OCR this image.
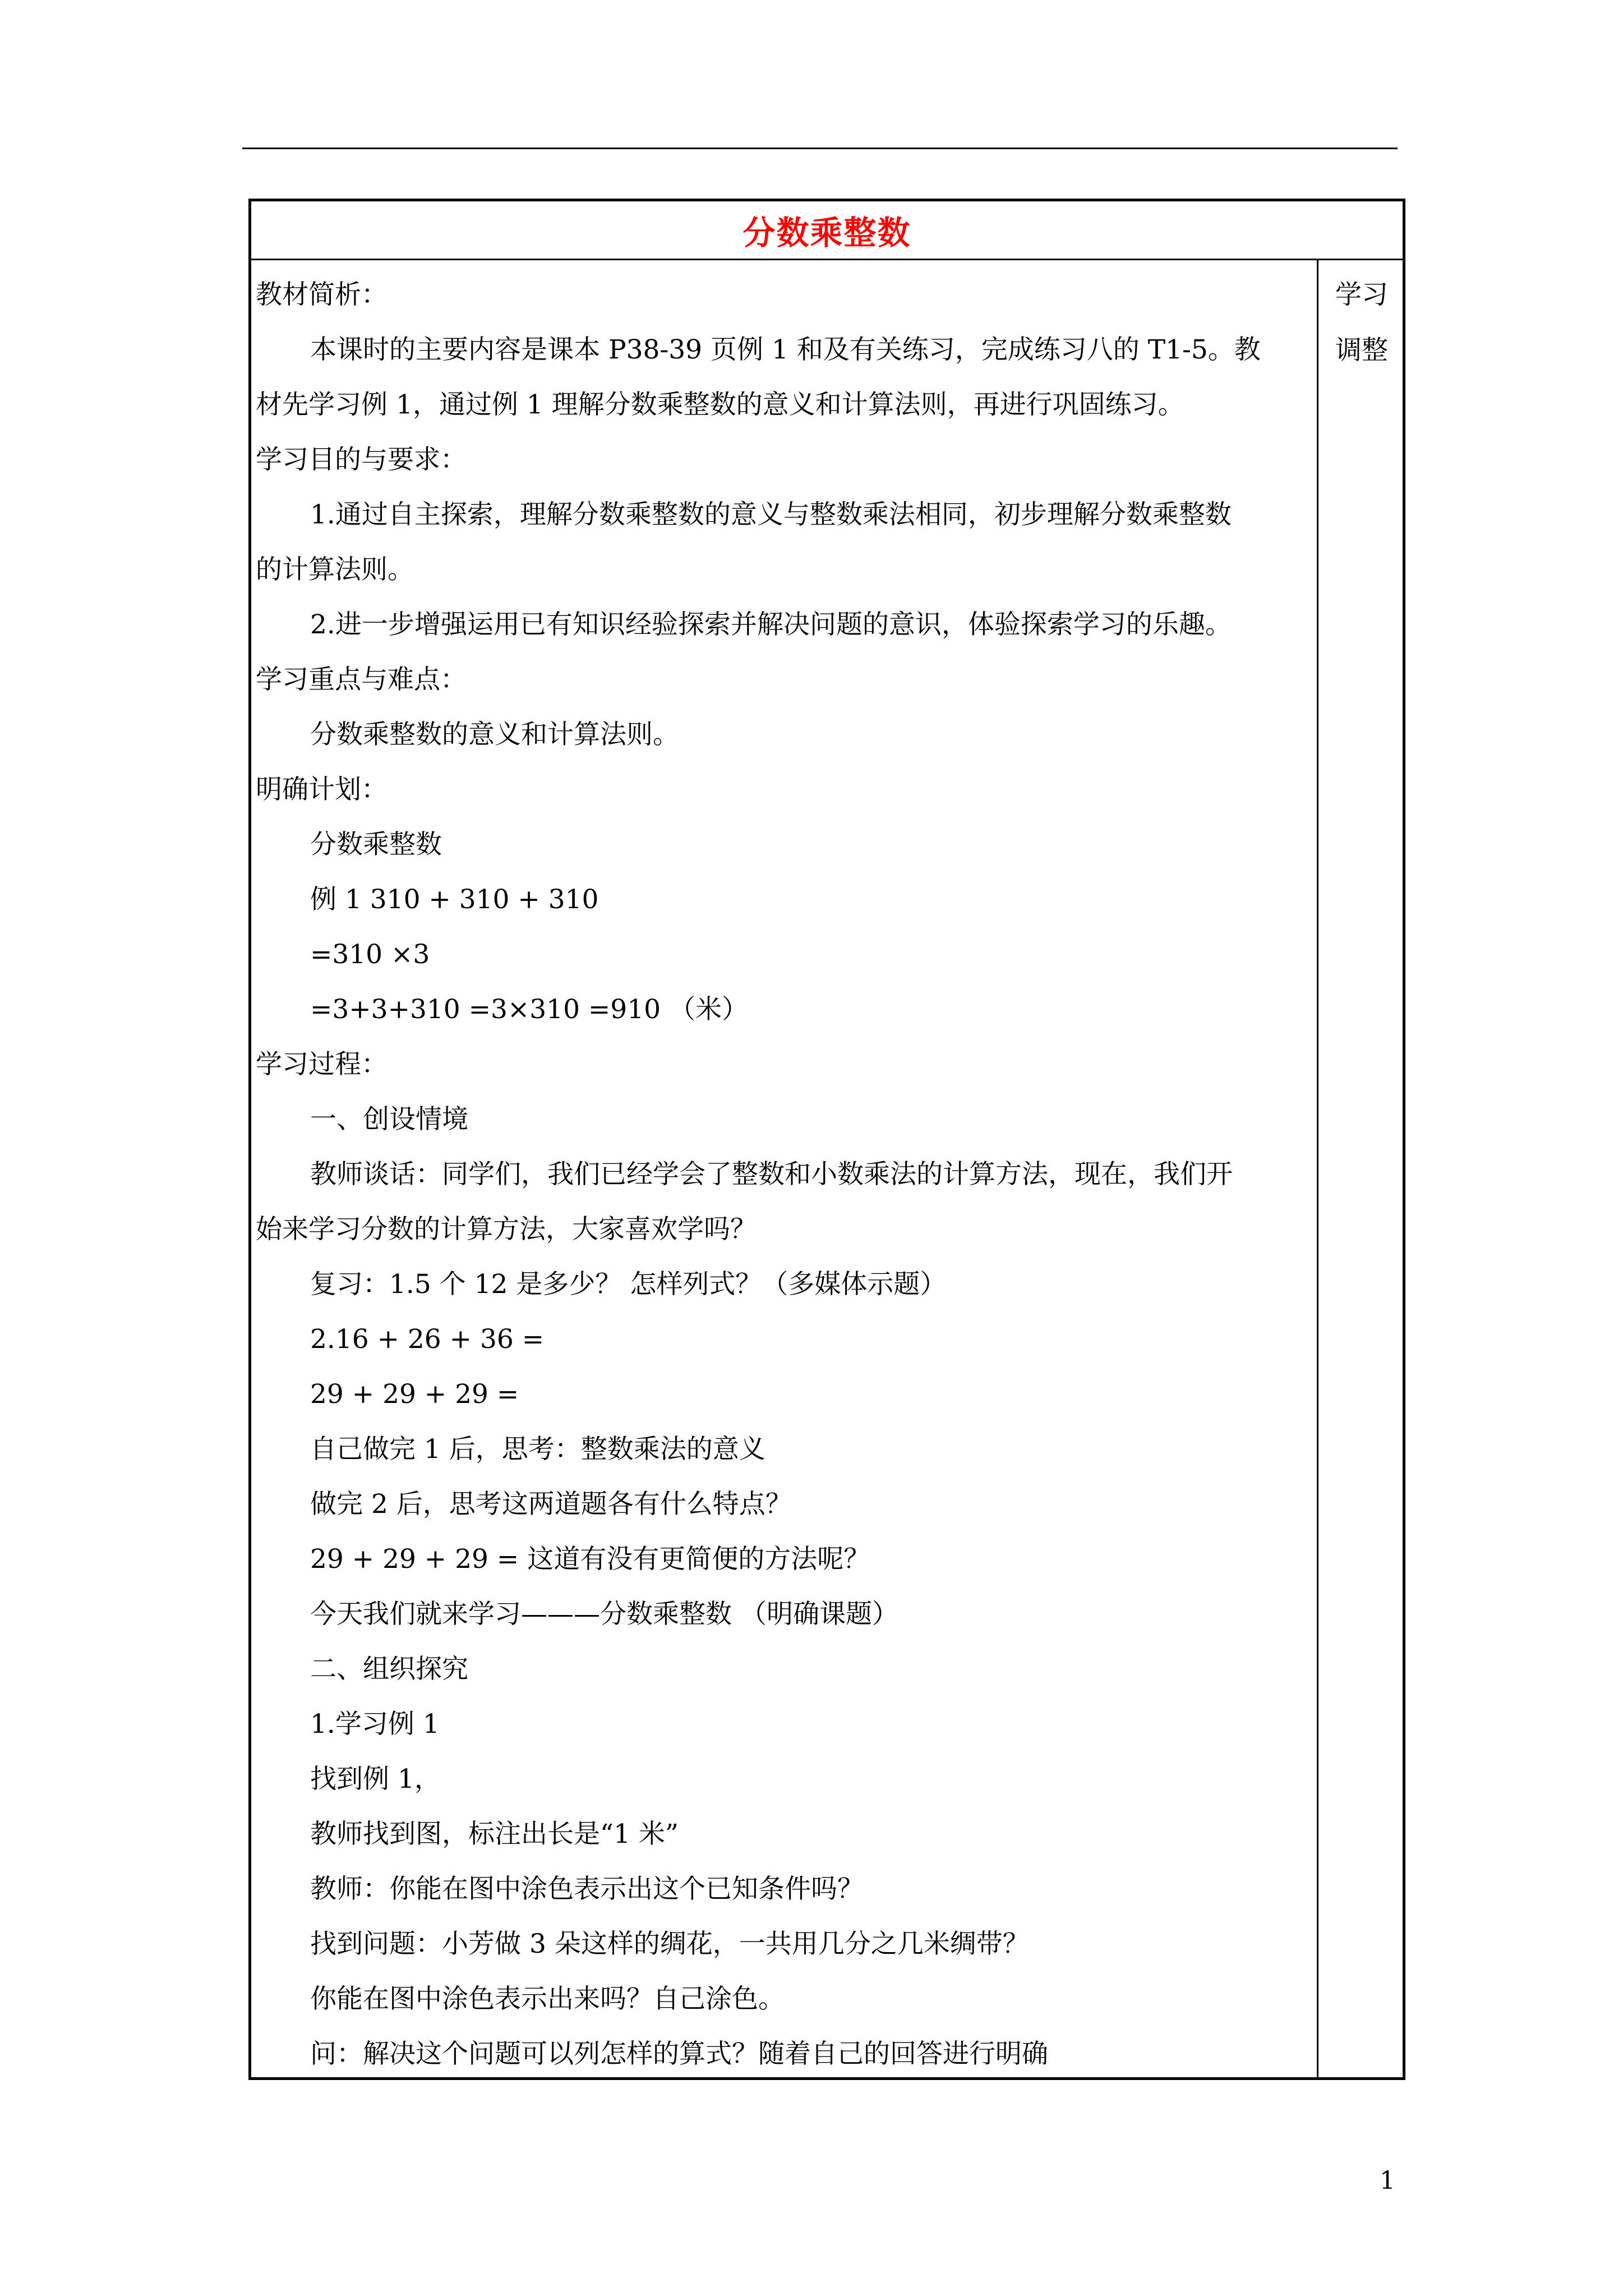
分数乘整数
教材简析：
本课时的主要内容是课本 P38-39 页例 1 和及有关练习，完成练习八的 T1-5。教
材先学习例 1，通过例 1 理解分数乘整数的意义和计算法则，再进行巩固练习。
学习目的与要求：
1.通过自主探索，理解分数乘整数的意义与整数乘法相同，初步理解分数乘整数
的计算法则。
2.进一步增强运用已有知识经验探索并解决问题的意识，体验探索学习的乐趣。
学习重点与难点：
分数乘整数的意义和计算法则。
明确计划：
分数乘整数
例 1 310 + 310 + 310
=310 ×3
=3+3+310 =3×310 =910 （米）
学习过程：
一、创设情境
教师谈话：同学们，我们已经学会了整数和小数乘法的计算方法，现在，我们开
始来学习分数的计算方法，大家喜欢学吗？
复习：1.5 个 12 是多少？ 怎样列式？（多媒体示题）
2.16 + 26 + 36 =
29 + 29 + 29 =
自己做完 1 后，思考：整数乘法的意义
做完 2 后，思考这两道题各有什么特点？
29 + 29 + 29 = 这道有没有更简便的方法呢？
今天我们就来学习———分数乘整数 （明确课题）
二、组织探究
1.学习例 1
找到例 1，
教师找到图，标注出长是“1 米”
教师：你能在图中涂色表示出这个已知条件吗？
找到问题：小芳做 3 朵这样的绸花，一共用几分之几米绸带？
你能在图中涂色表示出来吗？自己涂色。
问：解决这个问题可以列怎样的算式？随着自己的回答进行明确
学习
调整
1
